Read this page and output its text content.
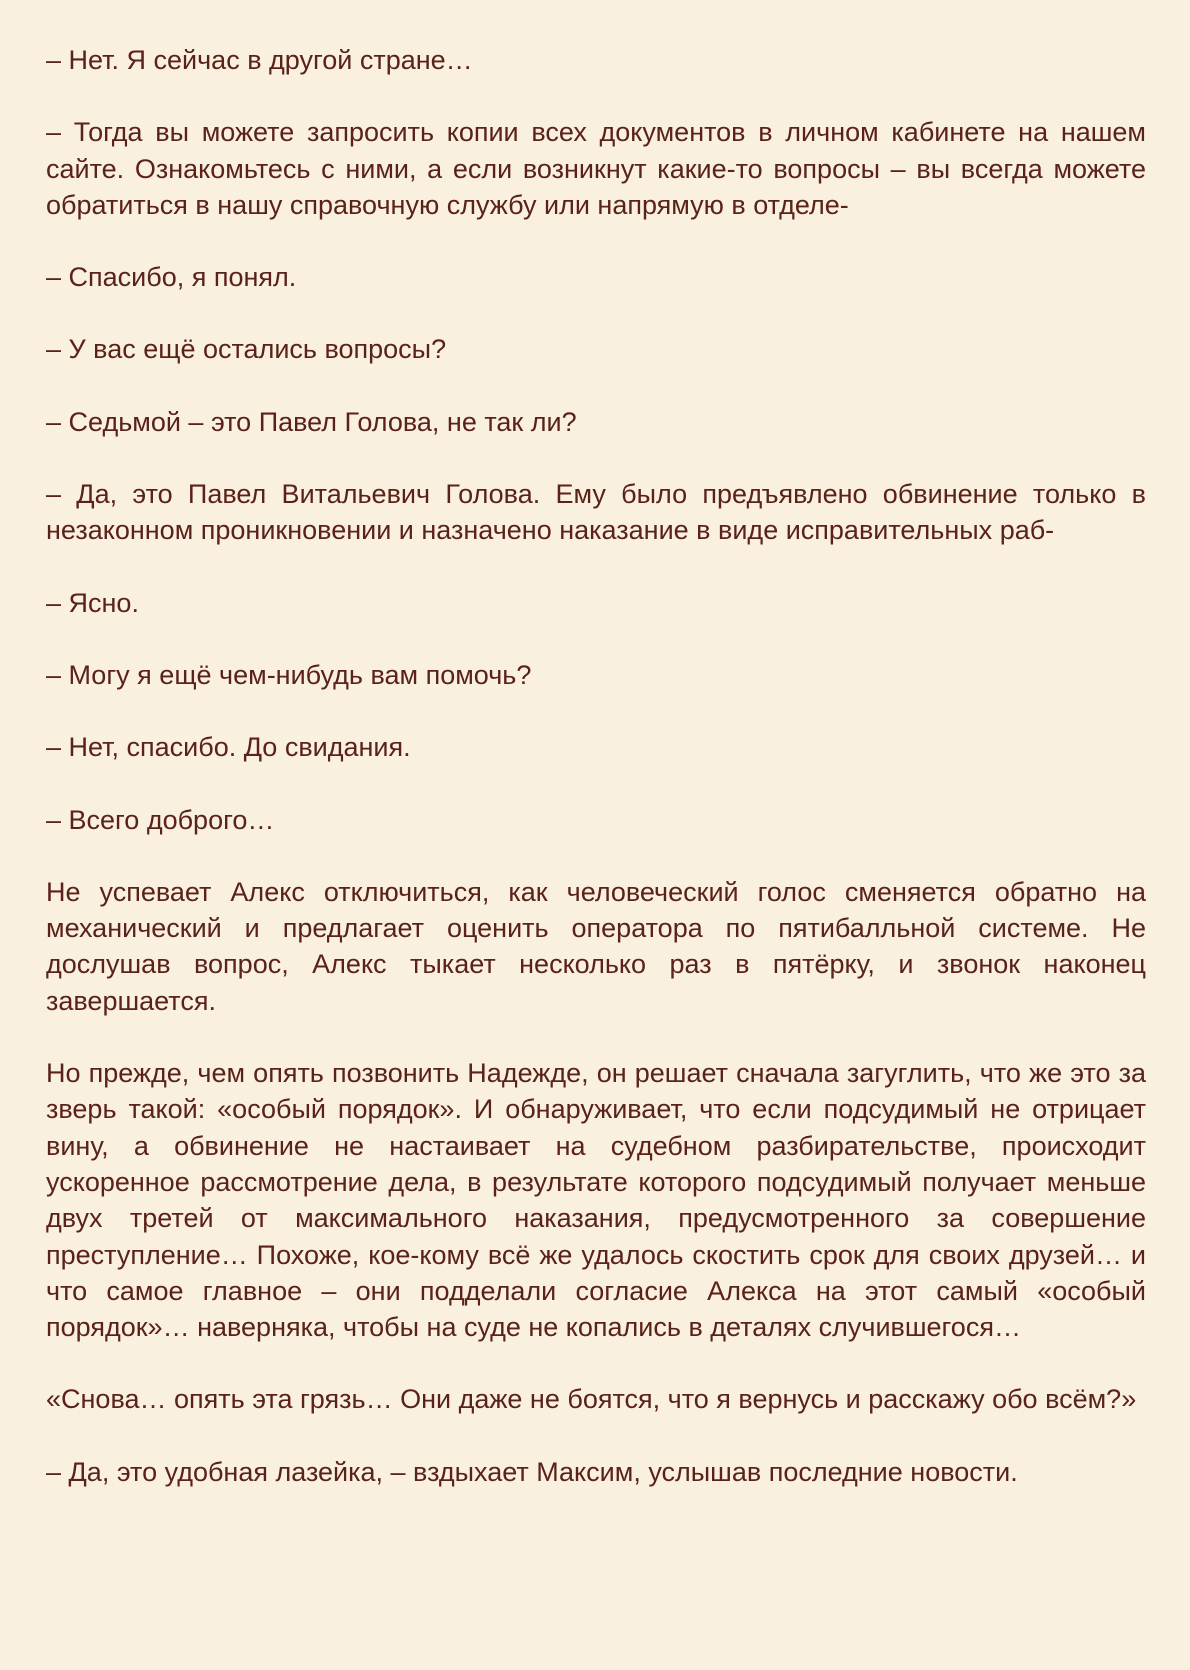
– Нет. Я сейчас в другой стране…

– Тогда вы можете запросить копии всех документов в личном кабинете на нашем сайте. Ознакомьтесь с ними, а если возникнут какие-то вопросы – вы всегда можете обратиться в нашу справочную службу или напрямую в отделе-

– Спасибо, я понял.

– У вас ещё остались вопросы?

– Седьмой – это Павел Голова, не так ли?

– Да, это Павел Витальевич Голова. Ему было предъявлено обвинение только в незаконном проникновении и назначено наказание в виде исправительных раб-

– Ясно.

– Могу я ещё чем-нибудь вам помочь?

– Нет, спасибо. До свидания.

– Всего доброго…

Не успевает Алекс отключиться, как человеческий голос сменяется обратно на механический и предлагает оценить оператора по пятибалльной системе. Не дослушав вопрос, Алекс тыкает несколько раз в пятёрку, и звонок наконец завершается.

Но прежде, чем опять позвонить Надежде, он решает сначала загуглить, что же это за зверь такой: «особый порядок». И обнаруживает, что если подсудимый не отрицает вину, а обвинение не настаивает на судебном разбирательстве, происходит ускоренное рассмотрение дела, в результате которого подсудимый получает меньше двух третей от максимального наказания, предусмотренного за совершение преступление… Похоже, кое-кому всё же удалось скостить срок для своих друзей… и что самое главное – они подделали согласие Алекса на этот самый «особый порядок»… наверняка, чтобы на суде не копались в деталях случившегося…

«Снова… опять эта грязь… Они даже не боятся, что я вернусь и расскажу обо всём?»

– Да, это удобная лазейка, – вздыхает Максим, услышав последние новости.
